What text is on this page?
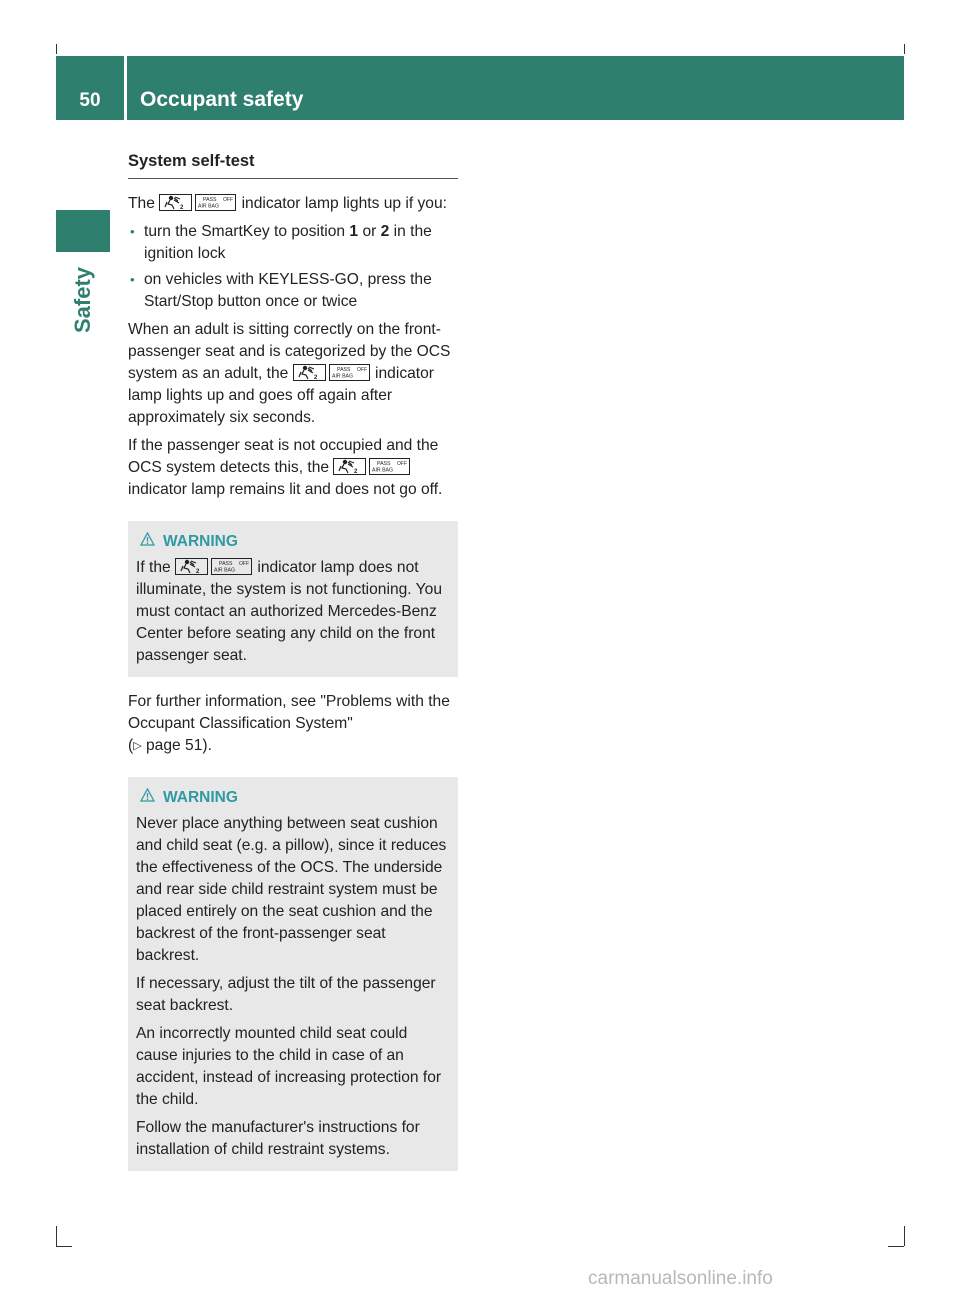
50	Occupant safety
Safety
System self-test

The	2
PASS
AIR BAG
OFF indicator lamp lights up if you:

• turn the SmartKey to position 1 or 2 in the ignition lock
• on vehicles with KEYLESS-GO, press the Start/Stop button once or twice

When an adult is sitting correctly on the front-passenger seat and is categorized by the OCS system as an adult, the	2
PASS
AIR BAG
OFF indicator lamp lights up and goes off again after approximately six seconds.

If the passenger seat is not occupied and the OCS system detects this, the	2
PASS
AIR BAG
OFF
indicator lamp remains lit and does not go off.

WARNING

If the	2
PASS
AIR BAG
OFF indicator lamp does not illuminate, the system is not functioning. You must contact an authorized Mercedes-Benz Center before seating any child on the front passenger seat.

For further information, see "Problems with the Occupant Classification System"
(▷ page 51).

WARNING

Never place anything between seat cushion and child seat (e.g. a pillow), since it reduces the effectiveness of the OCS. The underside and rear side child restraint system must be placed entirely on the seat cushion and the backrest of the front-passenger seat backrest.

If necessary, adjust the tilt of the passenger seat backrest.

An incorrectly mounted child seat could cause injuries to the child in case of an accident, instead of increasing protection for the child.

Follow the manufacturer's instructions for installation of child restraint systems.

carmanualsonline.info
